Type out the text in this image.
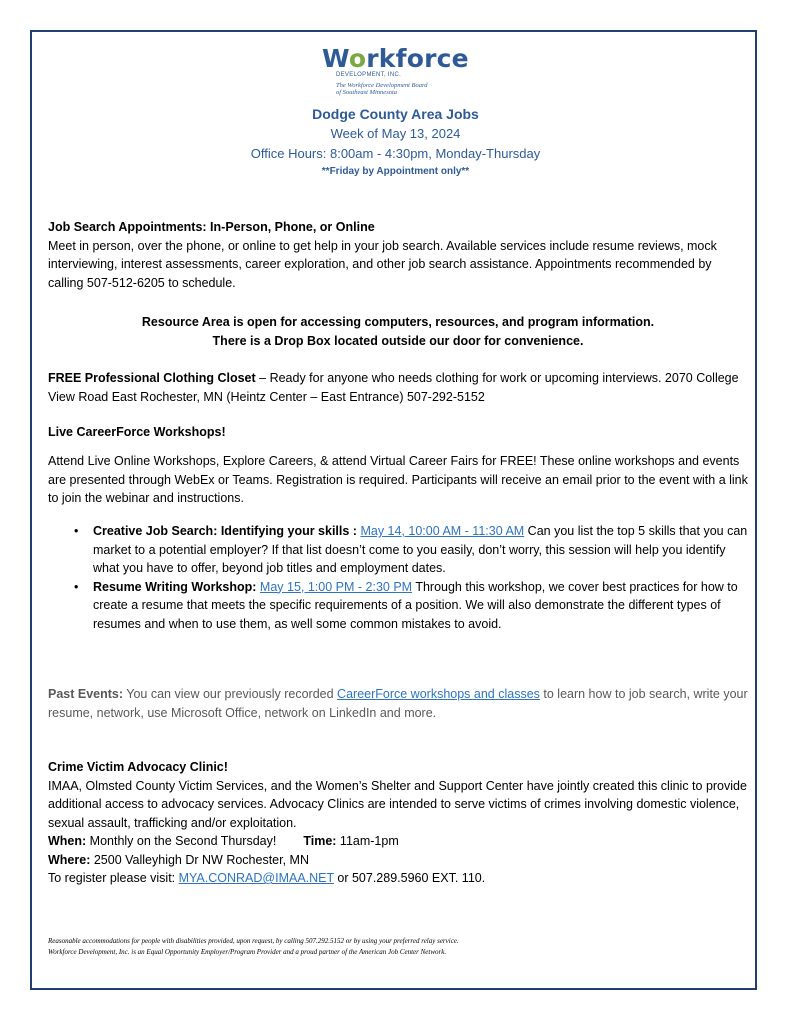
Workforce
DEVELOPMENT, INC.
The Workforce Development Board
of Southeast Minnesota
Dodge County Area Jobs
Week of May 13, 2024
Office Hours: 8:00am - 4:30pm, Monday-Thursday
**Friday by Appointment only**
Job Search Appointments: In-Person, Phone, or Online
Meet in person, over the phone, or online to get help in your job search. Available services include resume reviews, mock interviewing, interest assessments, career exploration, and other job search assistance. Appointments recommended by calling 507-512-6205 to schedule.
Resource Area is open for accessing computers, resources, and program information.
There is a Drop Box located outside our door for convenience.
FREE Professional Clothing Closet – Ready for anyone who needs clothing for work or upcoming interviews. 2070 College View Road East Rochester, MN (Heintz Center – East Entrance) 507-292-5152
Live CareerForce Workshops!
Attend Live Online Workshops, Explore Careers, & attend Virtual Career Fairs for FREE! These online workshops and events are presented through WebEx or Teams. Registration is required. Participants will receive an email prior to the event with a link to join the webinar and instructions.
• Creative Job Search: Identifying your skills : May 14, 10:00 AM - 11:30 AM Can you list the top 5 skills that you can market to a potential employer? If that list doesn’t come to you easily, don’t worry, this session will help you identify what you have to offer, beyond job titles and employment dates.
• Resume Writing Workshop: May 15, 1:00 PM - 2:30 PM Through this workshop, we cover best practices for how to create a resume that meets the specific requirements of a position. We will also demonstrate the different types of resumes and when to use them, as well some common mistakes to avoid.
Past Events: You can view our previously recorded CareerForce workshops and classes to learn how to job search, write your resume, network, use Microsoft Office, network on LinkedIn and more.
Crime Victim Advocacy Clinic!
IMAA, Olmsted County Victim Services, and the Women’s Shelter and Support Center have jointly created this clinic to provide additional access to advocacy services. Advocacy Clinics are intended to serve victims of crimes involving domestic violence, sexual assault, trafficking and/or exploitation.
When: Monthly on the Second Thursday! Time: 11am-1pm
Where: 2500 Valleyhigh Dr NW Rochester, MN
To register please visit: MYA.CONRAD@IMAA.NET or 507.289.5960 EXT. 110.
Reasonable accommodations for people with disabilities provided, upon request, by calling 507.292.5152 or by using your preferred relay service.
Workforce Development, Inc. is an Equal Opportunity Employer/Program Provider and a proud partner of the American Job Center Network.
